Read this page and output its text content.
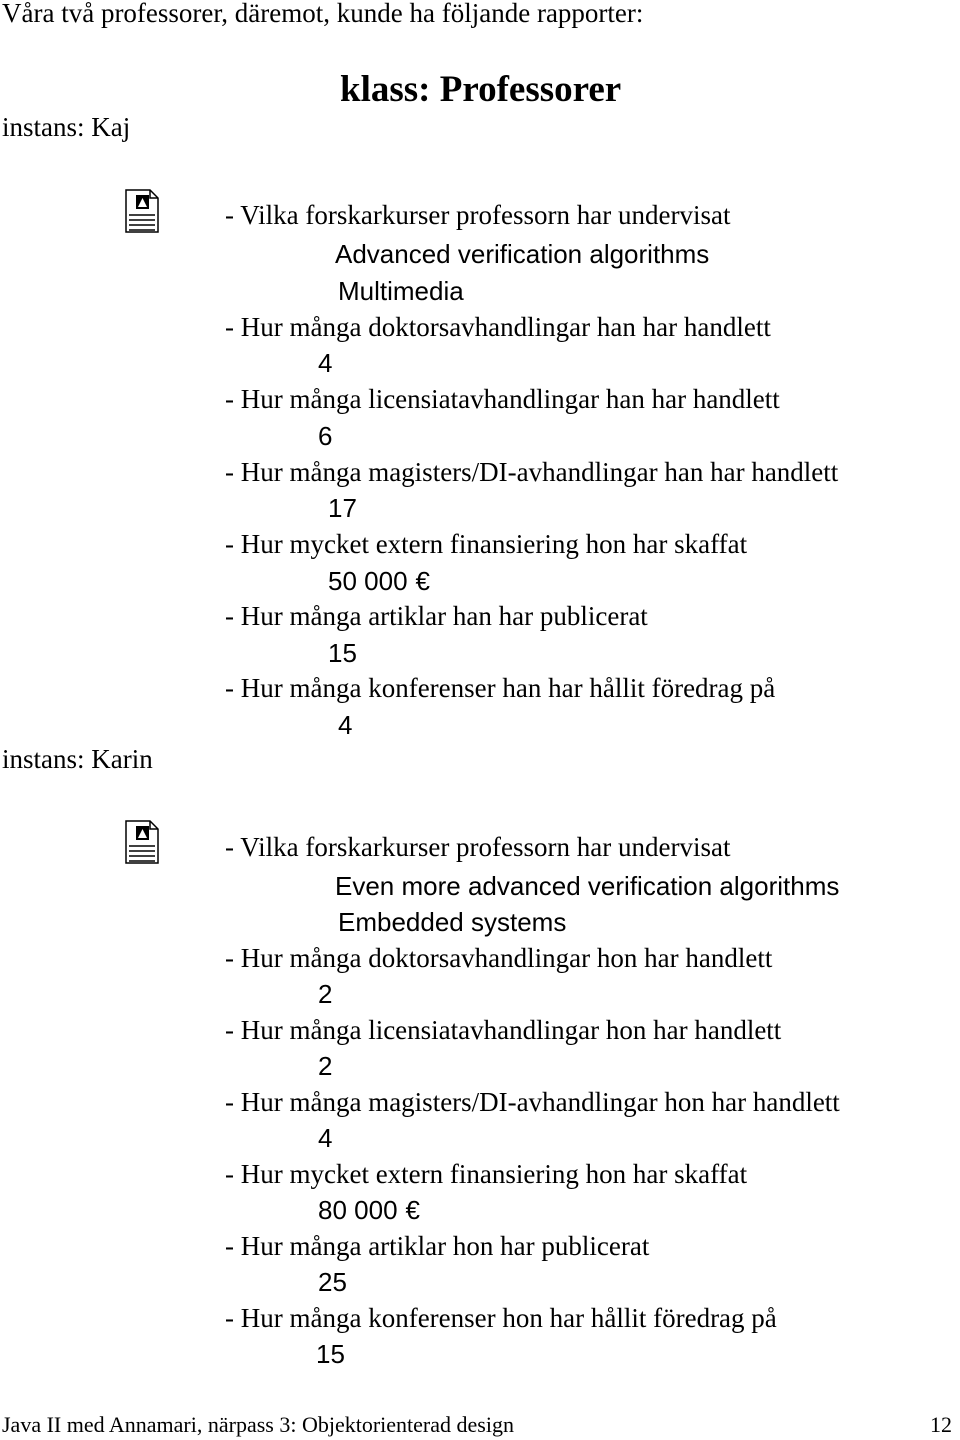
Våra två professorer, däremot, kunde ha följande rapporter:
klass: Professorer
instans: Kaj
- Vilka forskarkurser professorn har undervisat
Advanced verification algorithms
Multimedia
- Hur många doktorsavhandlingar han har handlett
4
- Hur många licensiatavhandlingar han har handlett
6
- Hur många magisters/DI-avhandlingar han har handlett
17
- Hur mycket extern finansiering hon har skaffat
50 000 €
- Hur många artiklar han har publicerat
15
- Hur många konferenser han har hållit föredrag på
4
instans: Karin
- Vilka forskarkurser professorn har undervisat
Even more advanced verification algorithms
Embedded systems
- Hur många doktorsavhandlingar hon har handlett
2
- Hur många licensiatavhandlingar hon har handlett
2
- Hur många magisters/DI-avhandlingar hon har handlett
4
- Hur mycket extern finansiering hon har skaffat
80 000 €
- Hur många artiklar hon har publicerat
25
- Hur många konferenser hon har hållit föredrag på
15
Java II med Annamari, närpass 3: Objektorienterad design	12
